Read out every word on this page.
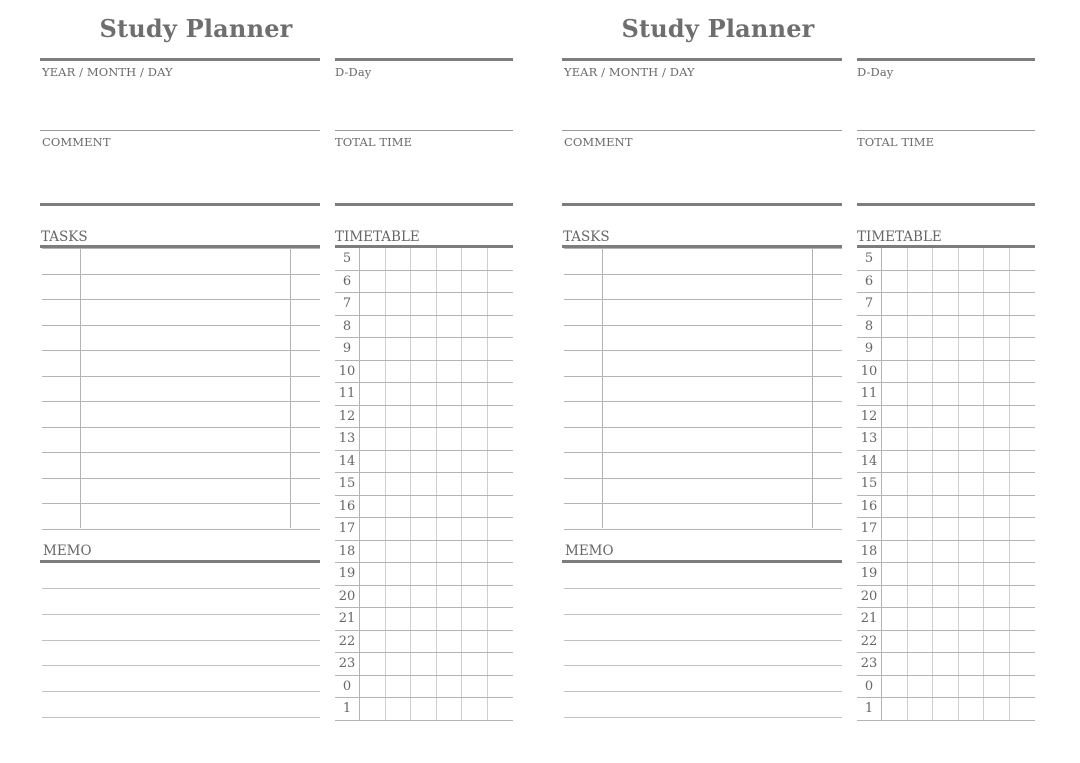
Study Planner
YEAR / MONTH / DAY	D-Day
COMMENT	TOTAL TIME
TASKS	TIMETABLE
MEMO
5
6
7
8
9
10
11
12
13
14
15
16
17
18
19
20
21
22
23
0
1
Study Planner
YEAR / MONTH / DAY	D-Day
COMMENT	TOTAL TIME
TASKS	TIMETABLE
MEMO
5
6
7
8
9
10
11
12
13
14
15
16
17
18
19
20
21
22
23
0
1
